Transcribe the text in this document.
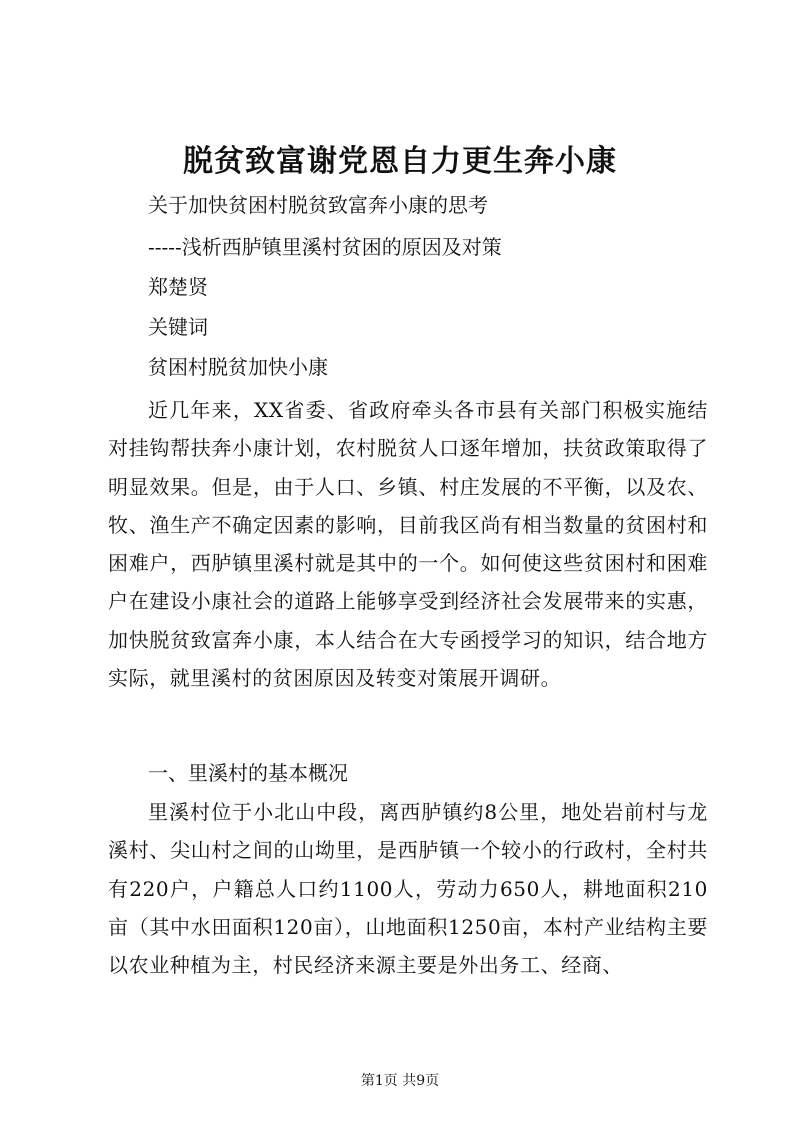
脱贫致富谢党恩自力更生奔小康

关于加快贫困村脱贫致富奔小康的思考

-----浅析西胪镇里溪村贫困的原因及对策

郑楚贤

关键词

贫困村脱贫加快小康

近几年来，XX省委、省政府牵头各市县有关部门积极实施结对挂钩帮扶奔小康计划，农村脱贫人口逐年增加，扶贫政策取得了明显效果。但是，由于人口、乡镇、村庄发展的不平衡，以及农、牧、渔生产不确定因素的影响，目前我区尚有相当数量的贫困村和困难户，西胪镇里溪村就是其中的一个。如何使这些贫困村和困难户在建设小康社会的道路上能够享受到经济社会发展带来的实惠，加快脱贫致富奔小康，本人结合在大专函授学习的知识，结合地方实际，就里溪村的贫困原因及转变对策展开调研。

一、里溪村的基本概况

里溪村位于小北山中段，离西胪镇约8公里，地处岩前村与龙溪村、尖山村之间的山坳里，是西胪镇一个较小的行政村，全村共有220户，户籍总人口约1100人，劳动力650人，耕地面积210亩（其中水田面积120亩），山地面积1250亩，本村产业结构主要以农业种植为主，村民经济来源主要是外出务工、经商、

第1页 共9页
